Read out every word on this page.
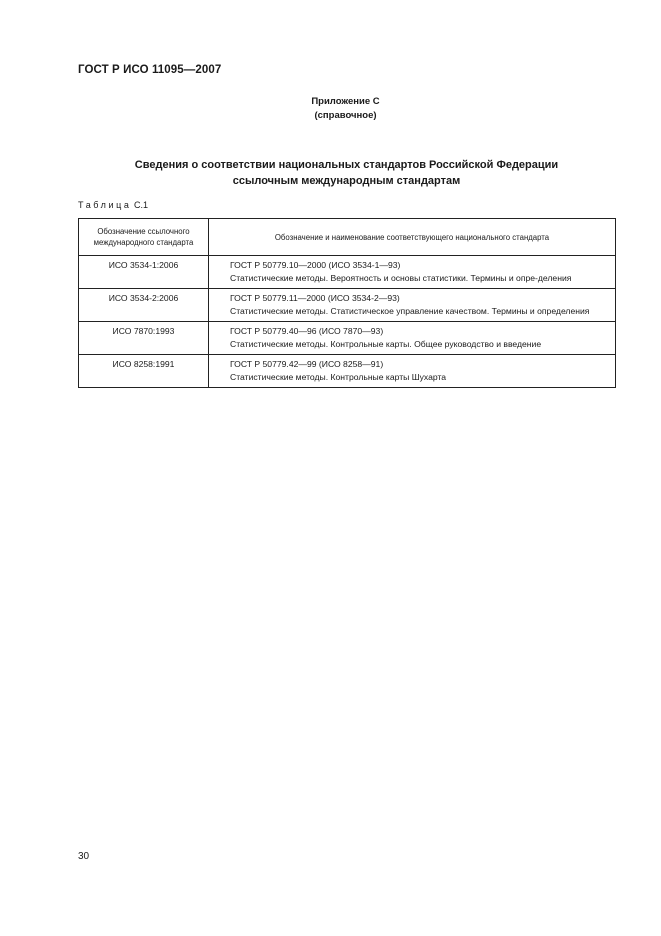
ГОСТ Р ИСО 11095—2007
Приложение С
(справочное)
Сведения о соответствии национальных стандартов Российской Федерации
ссылочным международным стандартам
Таблица С.1
Обозначение ссылочного
международного стандарта	Обозначение и наименование соответствующего национального стандарта
ИСО 3534-1:2006	ГОСТ Р 50779.10—2000 (ИСО 3534-1—93)
Статистические методы. Вероятность и основы статистики. Термины и опре-деления

ИСО 3534-2:2006	ГОСТ Р 50779.11—2000 (ИСО 3534-2—93)
Статистические методы. Статистическое управление качеством. Термины и определения

ИСО 7870:1993	ГОСТ Р 50779.40—96 (ИСО 7870—93)
Статистические методы. Контрольные карты. Общее руководство и введение

ИСО 8258:1991	ГОСТ Р 50779.42—99 (ИСО 8258—91)
Статистические методы. Контрольные карты Шухарта
30
